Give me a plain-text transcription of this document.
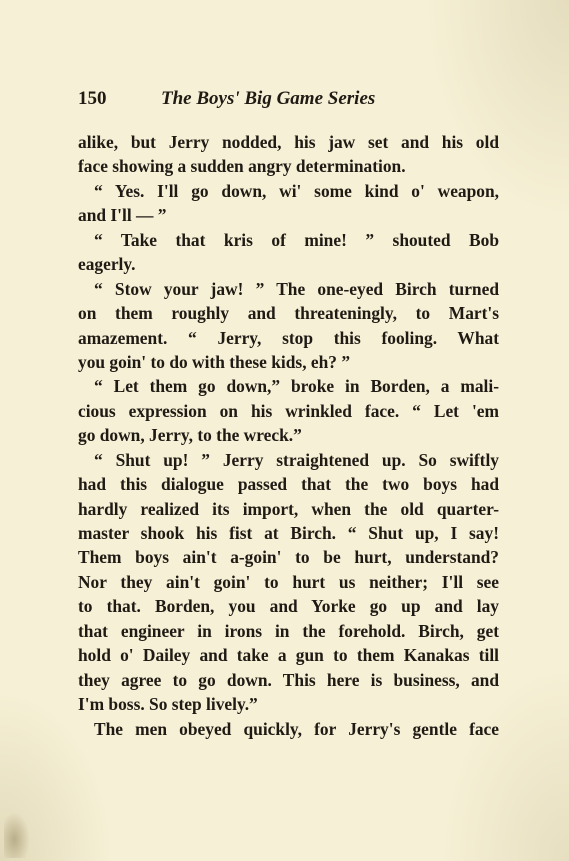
150	The Boys' Big Game Series
alike, but Jerry nodded, his jaw set and his old
face showing a sudden angry determination.
“ Yes. I'll go down, wi' some kind o' weapon,
and I'll — ”
“ Take that kris of mine! ” shouted Bob
eagerly.
“ Stow your jaw! ” The one-eyed Birch turned
on them roughly and threateningly, to Mart's
amazement. “ Jerry, stop this fooling. What
you goin' to do with these kids, eh? ”
“ Let them go down,” broke in Borden, a mali-
cious expression on his wrinkled face. “ Let 'em
go down, Jerry, to the wreck.”
“ Shut up! ” Jerry straightened up. So swiftly
had this dialogue passed that the two boys had
hardly realized its import, when the old quarter-
master shook his fist at Birch. “ Shut up, I say!
Them boys ain't a-goin' to be hurt, understand?
Nor they ain't goin' to hurt us neither; I'll see
to that. Borden, you and Yorke go up and lay
that engineer in irons in the forehold. Birch, get
hold o' Dailey and take a gun to them Kanakas till
they agree to go down. This here is business, and
I'm boss. So step lively.”
The men obeyed quickly, for Jerry's gentle face
